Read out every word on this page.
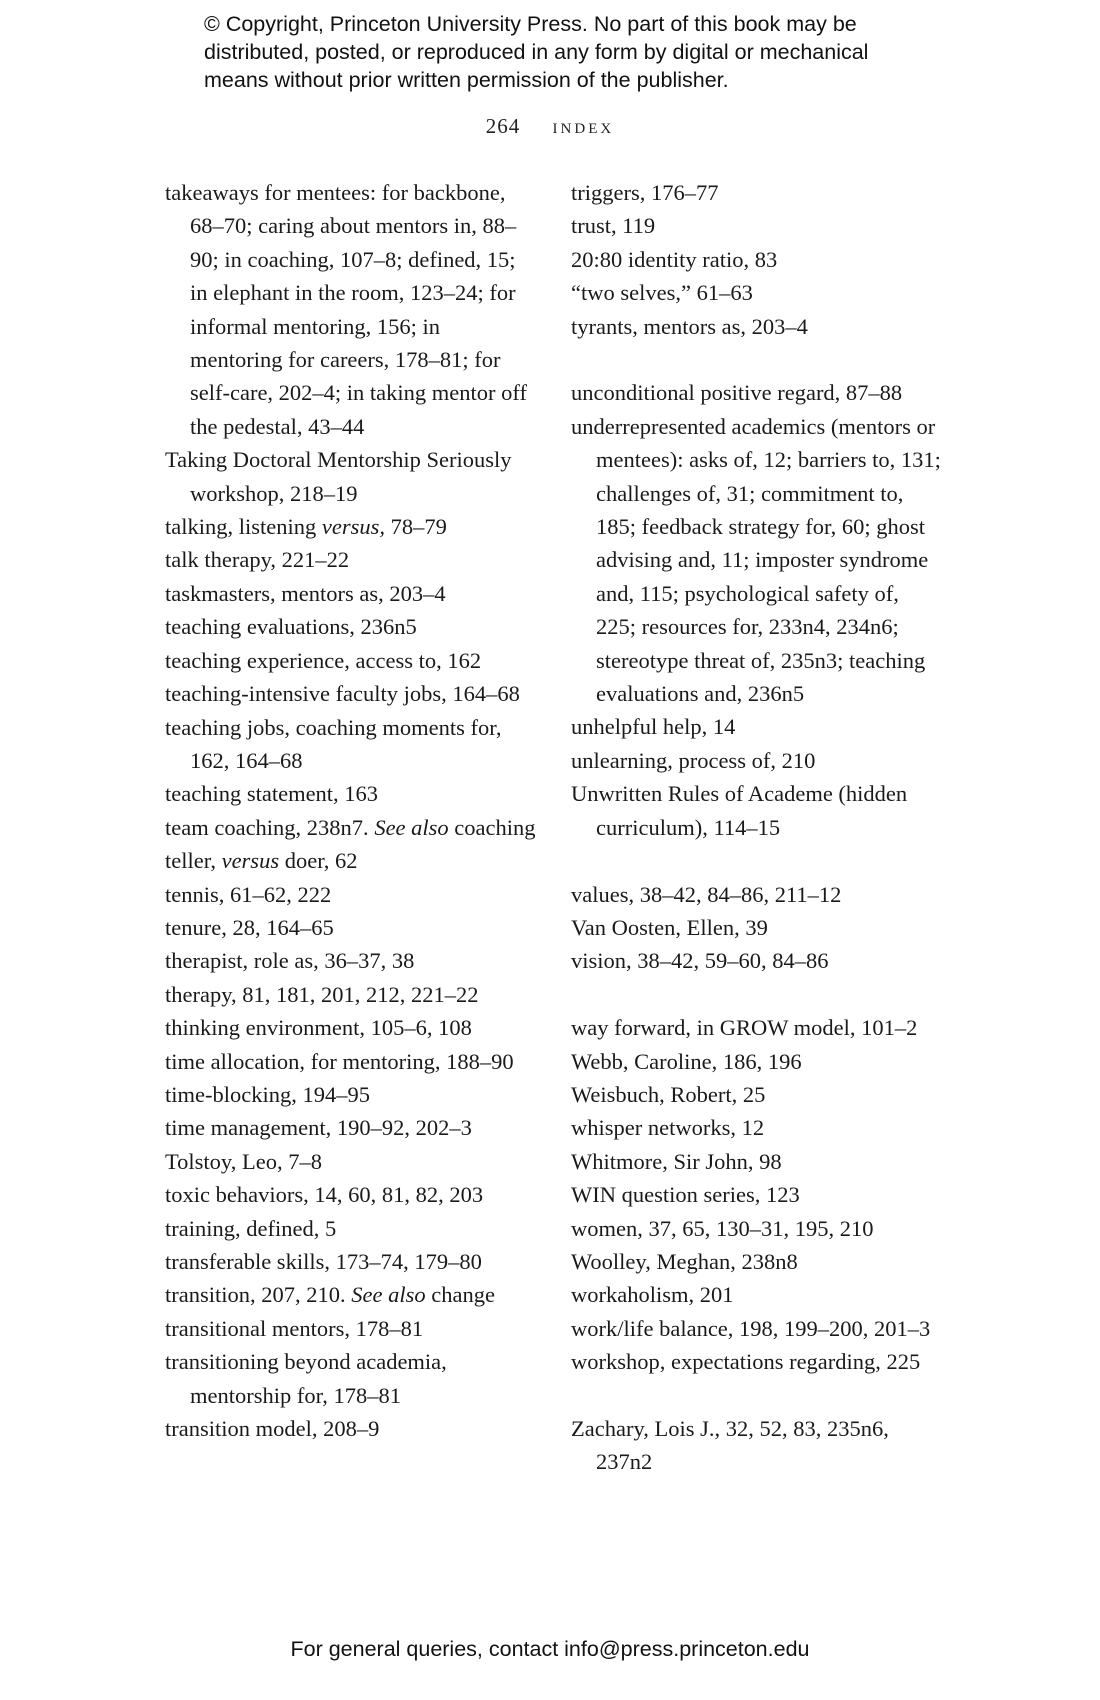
© Copyright, Princeton University Press. No part of this book may be distributed, posted, or reproduced in any form by digital or mechanical means without prior written permission of the publisher.
264 index
takeaways for mentees: for backbone, 68–70; caring about mentors in, 88–90; in coaching, 107–8; defined, 15; in elephant in the room, 123–24; for informal mentoring, 156; in mentoring for careers, 178–81; for self-care, 202–4; in taking mentor off the pedestal, 43–44
Taking Doctoral Mentorship Seriously workshop, 218–19
talking, listening versus, 78–79
talk therapy, 221–22
taskmasters, mentors as, 203–4
teaching evaluations, 236n5
teaching experience, access to, 162
teaching-intensive faculty jobs, 164–68
teaching jobs, coaching moments for, 162, 164–68
teaching statement, 163
team coaching, 238n7. See also coaching
teller, versus doer, 62
tennis, 61–62, 222
tenure, 28, 164–65
therapist, role as, 36–37, 38
therapy, 81, 181, 201, 212, 221–22
thinking environment, 105–6, 108
time allocation, for mentoring, 188–90
time-blocking, 194–95
time management, 190–92, 202–3
Tolstoy, Leo, 7–8
toxic behaviors, 14, 60, 81, 82, 203
training, defined, 5
transferable skills, 173–74, 179–80
transition, 207, 210. See also change
transitional mentors, 178–81
transitioning beyond academia, mentorship for, 178–81
transition model, 208–9
triggers, 176–77
trust, 119
20:80 identity ratio, 83
“two selves,” 61–63
tyrants, mentors as, 203–4
unconditional positive regard, 87–88
underrepresented academics (mentors or mentees): asks of, 12; barriers to, 131; challenges of, 31; commitment to, 185; feedback strategy for, 60; ghost advising and, 11; imposter syndrome and, 115; psychological safety of, 225; resources for, 233n4, 234n6; stereotype threat of, 235n3; teaching evaluations and, 236n5
unhelpful help, 14
unlearning, process of, 210
Unwritten Rules of Academe (hidden curriculum), 114–15
values, 38–42, 84–86, 211–12
Van Oosten, Ellen, 39
vision, 38–42, 59–60, 84–86
way forward, in GROW model, 101–2
Webb, Caroline, 186, 196
Weisbuch, Robert, 25
whisper networks, 12
Whitmore, Sir John, 98
WIN question series, 123
women, 37, 65, 130–31, 195, 210
Woolley, Meghan, 238n8
workaholism, 201
work/life balance, 198, 199–200, 201–3
workshop, expectations regarding, 225
Zachary, Lois J., 32, 52, 83, 235n6, 237n2
For general queries, contact info@press.princeton.edu
